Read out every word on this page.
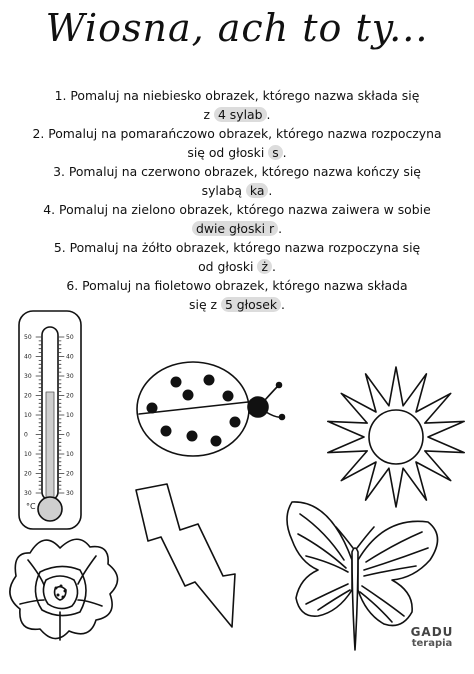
Wiosna, ach to ty...
1. Pomaluj na niebiesko obrazek, którego nazwa składa się
z 4 sylab .
2. Pomaluj na pomarańczowo obrazek, którego nazwa rozpoczyna
się od głoski s .
3. Pomaluj na czerwono obrazek, którego nazwa kończy się
sylabą ka .
4. Pomaluj na zielono obrazek, którego nazwa zaiwera w sobie
dwie głoski r .
5. Pomaluj na żółto obrazek, którego nazwa rozpoczyna się
od głoski ż .
6. Pomaluj na fioletowo obrazek, którego nazwa składa
się z 5 głosek .
50
40
30
20
10
0
10
20
30
50
40
30
20
10
0
10
20
30
°C
GADU
terapia
